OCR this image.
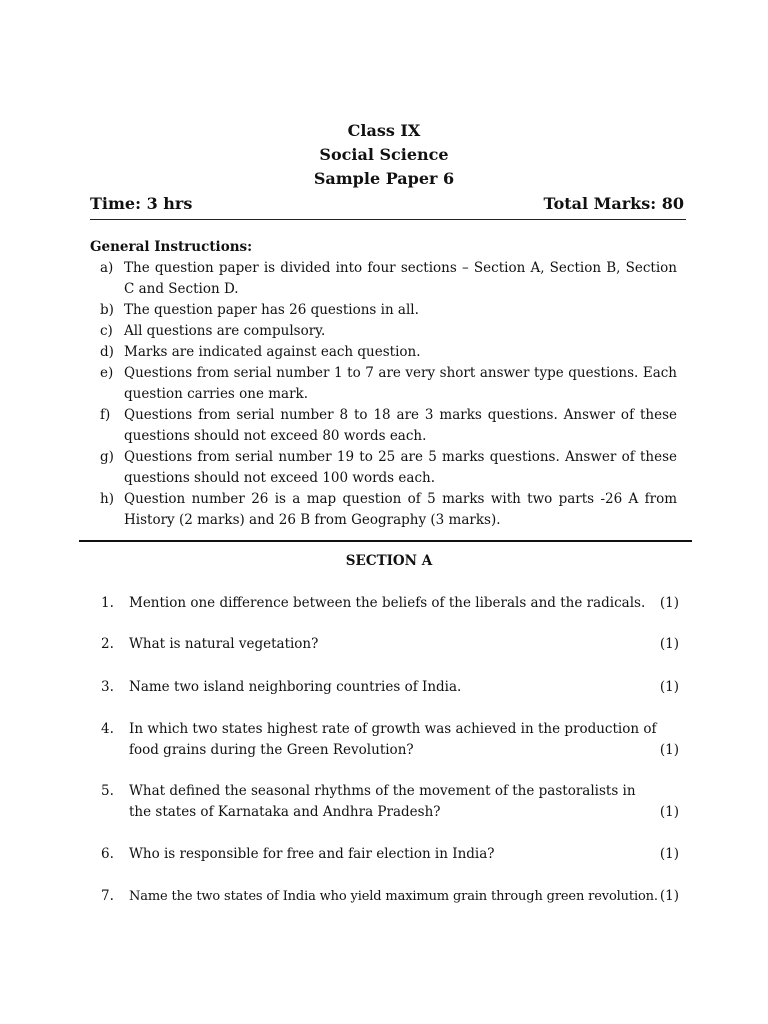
Class IX
Social Science
Sample Paper 6
Time: 3 hrs	Total Marks: 80
General Instructions:
a) The question paper is divided into four sections – Section A, Section B, Section C and Section D.
b) The question paper has 26 questions in all.
c) All questions are compulsory.
d) Marks are indicated against each question.
e) Questions from serial number 1 to 7 are very short answer type questions. Each question carries one mark.
f) Questions from serial number 8 to 18 are 3 marks questions. Answer of these questions should not exceed 80 words each.
g) Questions from serial number 19 to 25 are 5 marks questions. Answer of these questions should not exceed 100 words each.
h) Question number 26 is a map question of 5 marks with two parts -26 A from History (2 marks) and 26 B from Geography (3 marks).
SECTION A
1. Mention one difference between the beliefs of the liberals and the radicals.	(1)
2. What is natural vegetation?	(1)
3. Name two island neighboring countries of India.	(1)
4. In which two states highest rate of growth was achieved in the production of food grains during the Green Revolution?	(1)
5. What defined the seasonal rhythms of the movement of the pastoralists in the states of Karnataka and Andhra Pradesh?	(1)
6. Who is responsible for free and fair election in India?	(1)
7. Name the two states of India who yield maximum grain through green revolution. (1)
